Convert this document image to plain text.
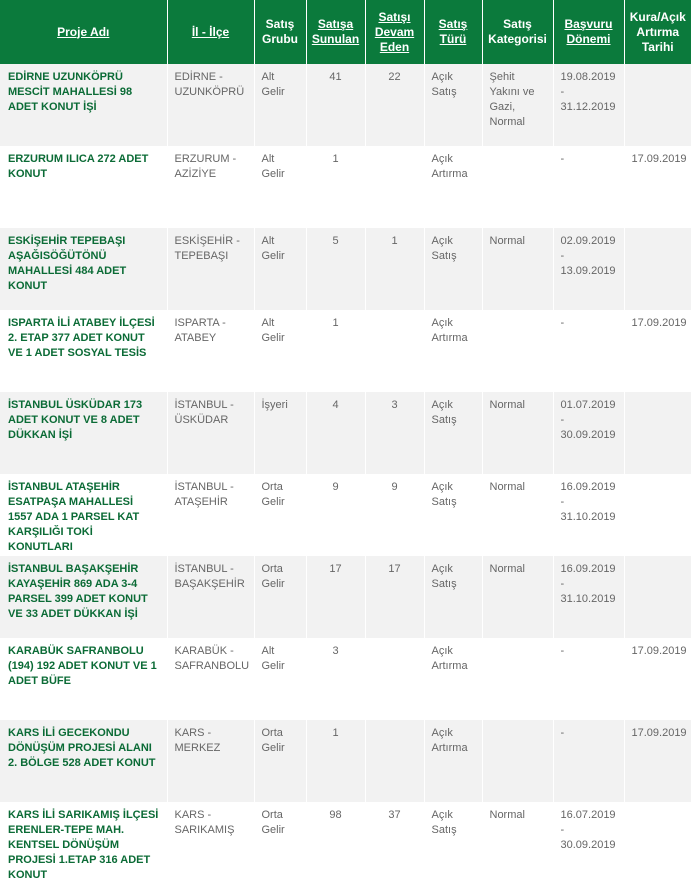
Proje Adı	İl - İlçe	Satış Grubu	Satışa Sunulan	Satışı Devam Eden	Satış Türü	Satış Kategorisi	Başvuru Dönemi	Kura/Açık Artırma Tarihi
EDİRNE UZUNKÖPRÜ MESCİT MAHALLESİ 98 ADET KONUT İŞİ	EDİRNE - UZUNKÖPRÜ	Alt Gelir	41	22	Açık Satış	Şehit Yakını ve Gazi, Normal	19.08.2019 - 31.12.2019	
ERZURUM ILICA 272 ADET KONUT	ERZURUM - AZİZİYE	Alt Gelir	1		Açık Artırma		-	17.09.2019
ESKİŞEHİR TEPEBAŞI AŞAĞISÖĞÜTÖNÜ MAHALLESİ 484 ADET KONUT	ESKİŞEHİR - TEPEBAŞI	Alt Gelir	5	1	Açık Satış	Normal	02.09.2019 - 13.09.2019	
ISPARTA İLİ ATABEY İLÇESİ 2. ETAP 377 ADET KONUT VE 1 ADET SOSYAL TESİS	ISPARTA - ATABEY	Alt Gelir	1		Açık Artırma		-	17.09.2019
İSTANBUL ÜSKÜDAR 173 ADET KONUT VE 8 ADET DÜKKAN İŞİ	İSTANBUL - ÜSKÜDAR	İşyeri	4	3	Açık Satış	Normal	01.07.2019 - 30.09.2019	
İSTANBUL ATAŞEHİR ESATPAŞA MAHALLESİ 1557 ADA 1 PARSEL KAT KARŞILIĞI TOKİ KONUTLARI	İSTANBUL - ATAŞEHİR	Orta Gelir	9	9	Açık Satış	Normal	16.09.2019 - 31.10.2019	
İSTANBUL BAŞAKŞEHİR KAYAŞEHİR 869 ADA 3-4 PARSEL 399 ADET KONUT VE 33 ADET DÜKKAN İŞİ	İSTANBUL - BAŞAKŞEHİR	Orta Gelir	17	17	Açık Satış	Normal	16.09.2019 - 31.10.2019	
KARABÜK SAFRANBOLU (194) 192 ADET KONUT VE 1 ADET BÜFE	KARABÜK - SAFRANBOLU	Alt Gelir	3		Açık Artırma		-	17.09.2019
KARS İLİ GECEKONDU DÖNÜŞÜM PROJESİ ALANI 2. BÖLGE 528 ADET KONUT	KARS - MERKEZ	Orta Gelir	1		Açık Artırma		-	17.09.2019
KARS İLİ SARIKAMIŞ İLÇESİ ERENLER-TEPE MAH. KENTSEL DÖNÜŞÜM PROJESİ 1.ETAP 316 ADET KONUT	KARS - SARIKAMIŞ	Orta Gelir	98	37	Açık Satış	Normal	16.07.2019 - 30.09.2019	
